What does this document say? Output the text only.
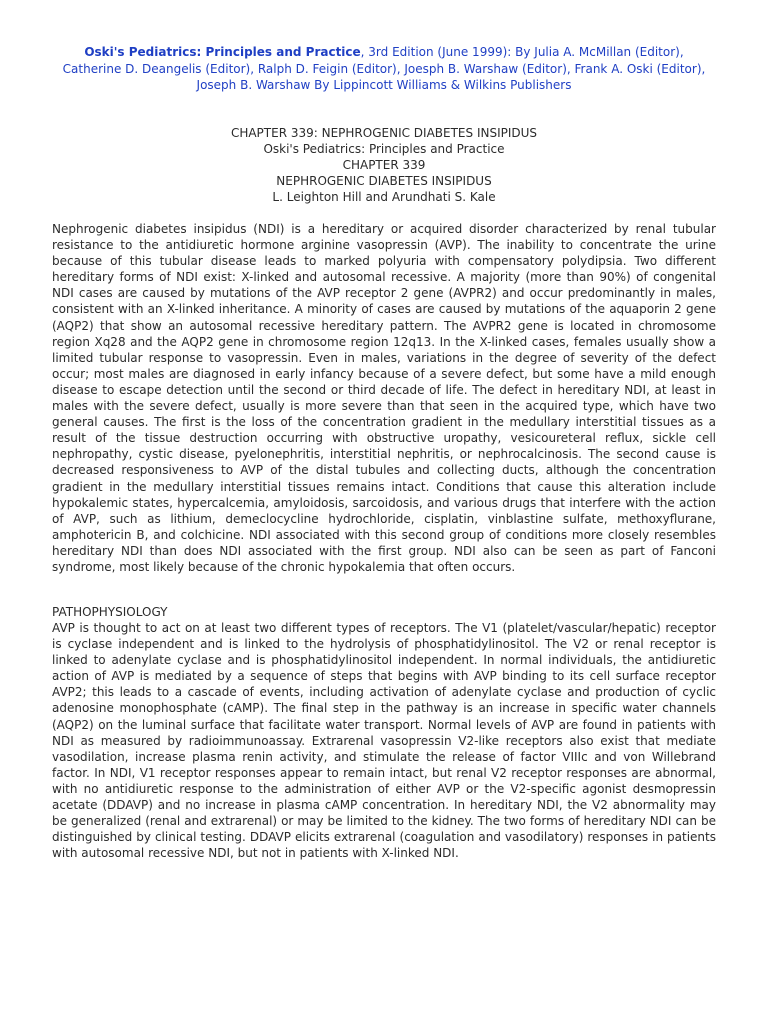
Oski's Pediatrics: Principles and Practice, 3rd Edition (June 1999): By Julia A. McMillan (Editor), Catherine D. Deangelis (Editor), Ralph D. Feigin (Editor), Joesph B. Warshaw (Editor), Frank A. Oski (Editor), Joseph B. Warshaw By Lippincott Williams & Wilkins Publishers
CHAPTER 339: NEPHROGENIC DIABETES INSIPIDUS
Oski's Pediatrics: Principles and Practice
CHAPTER 339
NEPHROGENIC DIABETES INSIPIDUS
L. Leighton Hill and Arundhati S. Kale

Nephrogenic diabetes insipidus (NDI) is a hereditary or acquired disorder characterized by renal tubular resistance to the antidiuretic hormone arginine vasopressin (AVP). The inability to concentrate the urine because of this tubular disease leads to marked polyuria with compensatory polydipsia. Two different hereditary forms of NDI exist: X-linked and autosomal recessive. A majority (more than 90%) of congenital NDI cases are caused by mutations of the AVP receptor 2 gene (AVPR2) and occur predominantly in males, consistent with an X-linked inheritance. A minority of cases are caused by mutations of the aquaporin 2 gene (AQP2) that show an autosomal recessive hereditary pattern. The AVPR2 gene is located in chromosome region Xq28 and the AQP2 gene in chromosome region 12q13. In the X-linked cases, females usually show a limited tubular response to vasopressin. Even in males, variations in the degree of severity of the defect occur; most males are diagnosed in early infancy because of a severe defect, but some have a mild enough disease to escape detection until the second or third decade of life. The defect in hereditary NDI, at least in males with the severe defect, usually is more severe than that seen in the acquired type, which have two general causes. The first is the loss of the concentration gradient in the medullary interstitial tissues as a result of the tissue destruction occurring with obstructive uropathy, vesicoureteral reflux, sickle cell nephropathy, cystic disease, pyelonephritis, interstitial nephritis, or nephrocalcinosis. The second cause is decreased responsiveness to AVP of the distal tubules and collecting ducts, although the concentration gradient in the medullary interstitial tissues remains intact. Conditions that cause this alteration include hypokalemic states, hypercalcemia, amyloidosis, sarcoidosis, and various drugs that interfere with the action of AVP, such as lithium, demeclocycline hydrochloride, cisplatin, vinblastine sulfate, methoxyflurane, amphotericin B, and colchicine. NDI associated with this second group of conditions more closely resembles hereditary NDI than does NDI associated with the first group. NDI also can be seen as part of Fanconi syndrome, most likely because of the chronic hypokalemia that often occurs.

PATHOPHYSIOLOGY

AVP is thought to act on at least two different types of receptors. The V1 (platelet/vascular/hepatic) receptor is cyclase independent and is linked to the hydrolysis of phosphatidylinositol. The V2 or renal receptor is linked to adenylate cyclase and is phosphatidylinositol independent. In normal individuals, the antidiuretic action of AVP is mediated by a sequence of steps that begins with AVP binding to its cell surface receptor AVP2; this leads to a cascade of events, including activation of adenylate cyclase and production of cyclic adenosine monophosphate (cAMP). The final step in the pathway is an increase in specific water channels (AQP2) on the luminal surface that facilitate water transport. Normal levels of AVP are found in patients with NDI as measured by radioimmunoassay. Extrarenal vasopressin V2-like receptors also exist that mediate vasodilation, increase plasma renin activity, and stimulate the release of factor VIIIc and von Willebrand factor. In NDI, V1 receptor responses appear to remain intact, but renal V2 receptor responses are abnormal, with no antidiuretic response to the administration of either AVP or the V2-specific agonist desmopressin acetate (DDAVP) and no increase in plasma cAMP concentration. In hereditary NDI, the V2 abnormality may be generalized (renal and extrarenal) or may be limited to the kidney. The two forms of hereditary NDI can be distinguished by clinical testing. DDAVP elicits extrarenal (coagulation and vasodilatory) responses in patients with autosomal recessive NDI, but not in patients with X-linked NDI.
